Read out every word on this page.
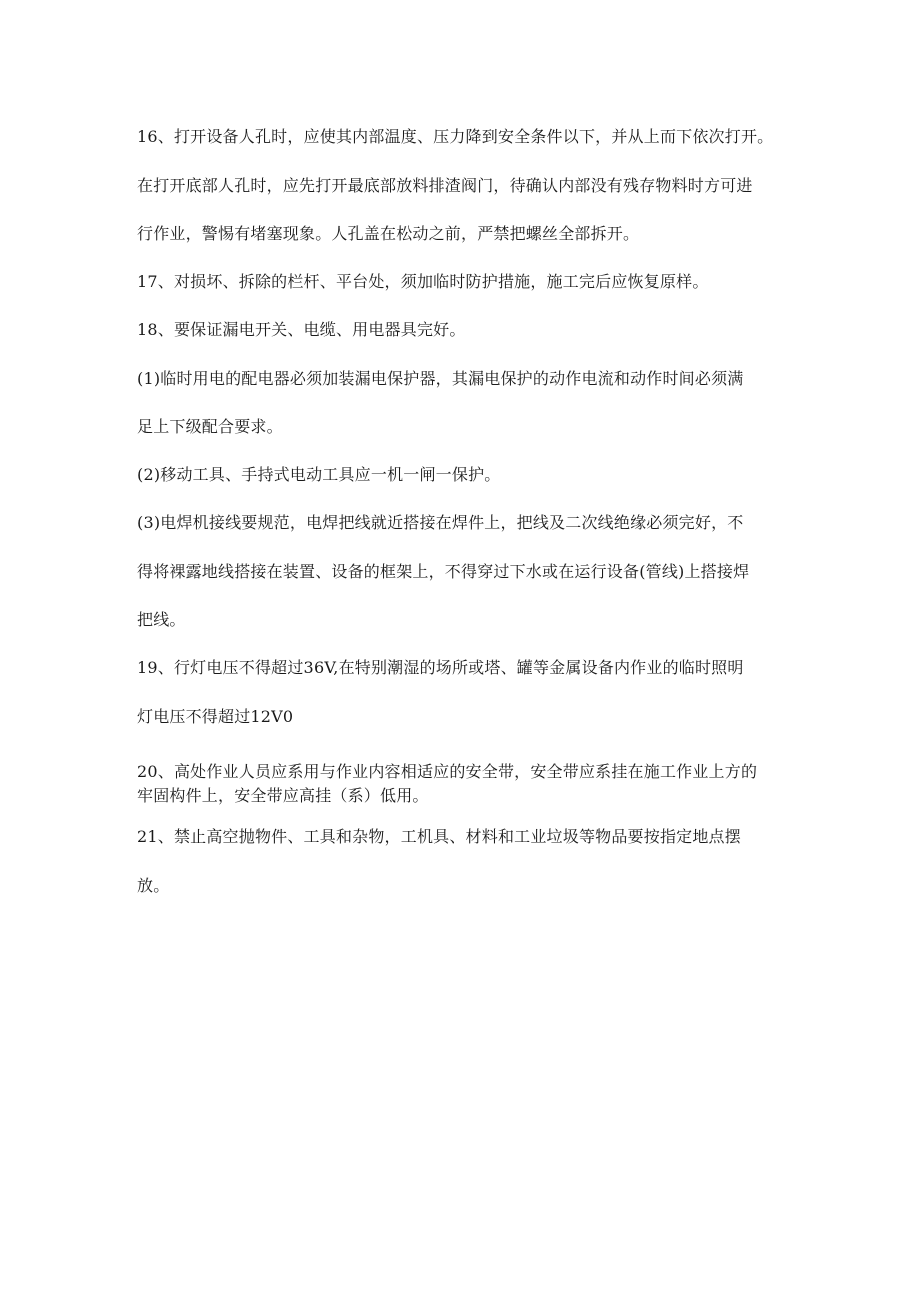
16、打开设备人孔时，应使其内部温度、压力降到安全条件以下，并从上而下依次打开。
在打开底部人孔时，应先打开最底部放料排渣阀门，待确认内部没有残存物料时方可进
行作业，警惕有堵塞现象。人孔盖在松动之前，严禁把螺丝全部拆开。
17、对损坏、拆除的栏杆、平台处，须加临时防护措施，施工完后应恢复原样。
18、要保证漏电开关、电缆、用电器具完好。
(1)临时用电的配电器必须加装漏电保护器，其漏电保护的动作电流和动作时间必须满
足上下级配合要求。
(2)移动工具、手持式电动工具应一机一闸一保护。
(3)电焊机接线要规范，电焊把线就近搭接在焊件上，把线及二次线绝缘必须完好，不
得将裸露地线搭接在装置、设备的框架上，不得穿过下水或在运行设备(管线)上搭接焊
把线。
19、行灯电压不得超过36V,在特别潮湿的场所或塔、罐等金属设备内作业的临时照明
灯电压不得超过12V0
20、高处作业人员应系用与作业内容相适应的安全带，安全带应系挂在施工作业上方的
牢固构件上，安全带应高挂（系）低用。
21、禁止高空抛物件、工具和杂物，工机具、材料和工业垃圾等物品要按指定地点摆
放。
